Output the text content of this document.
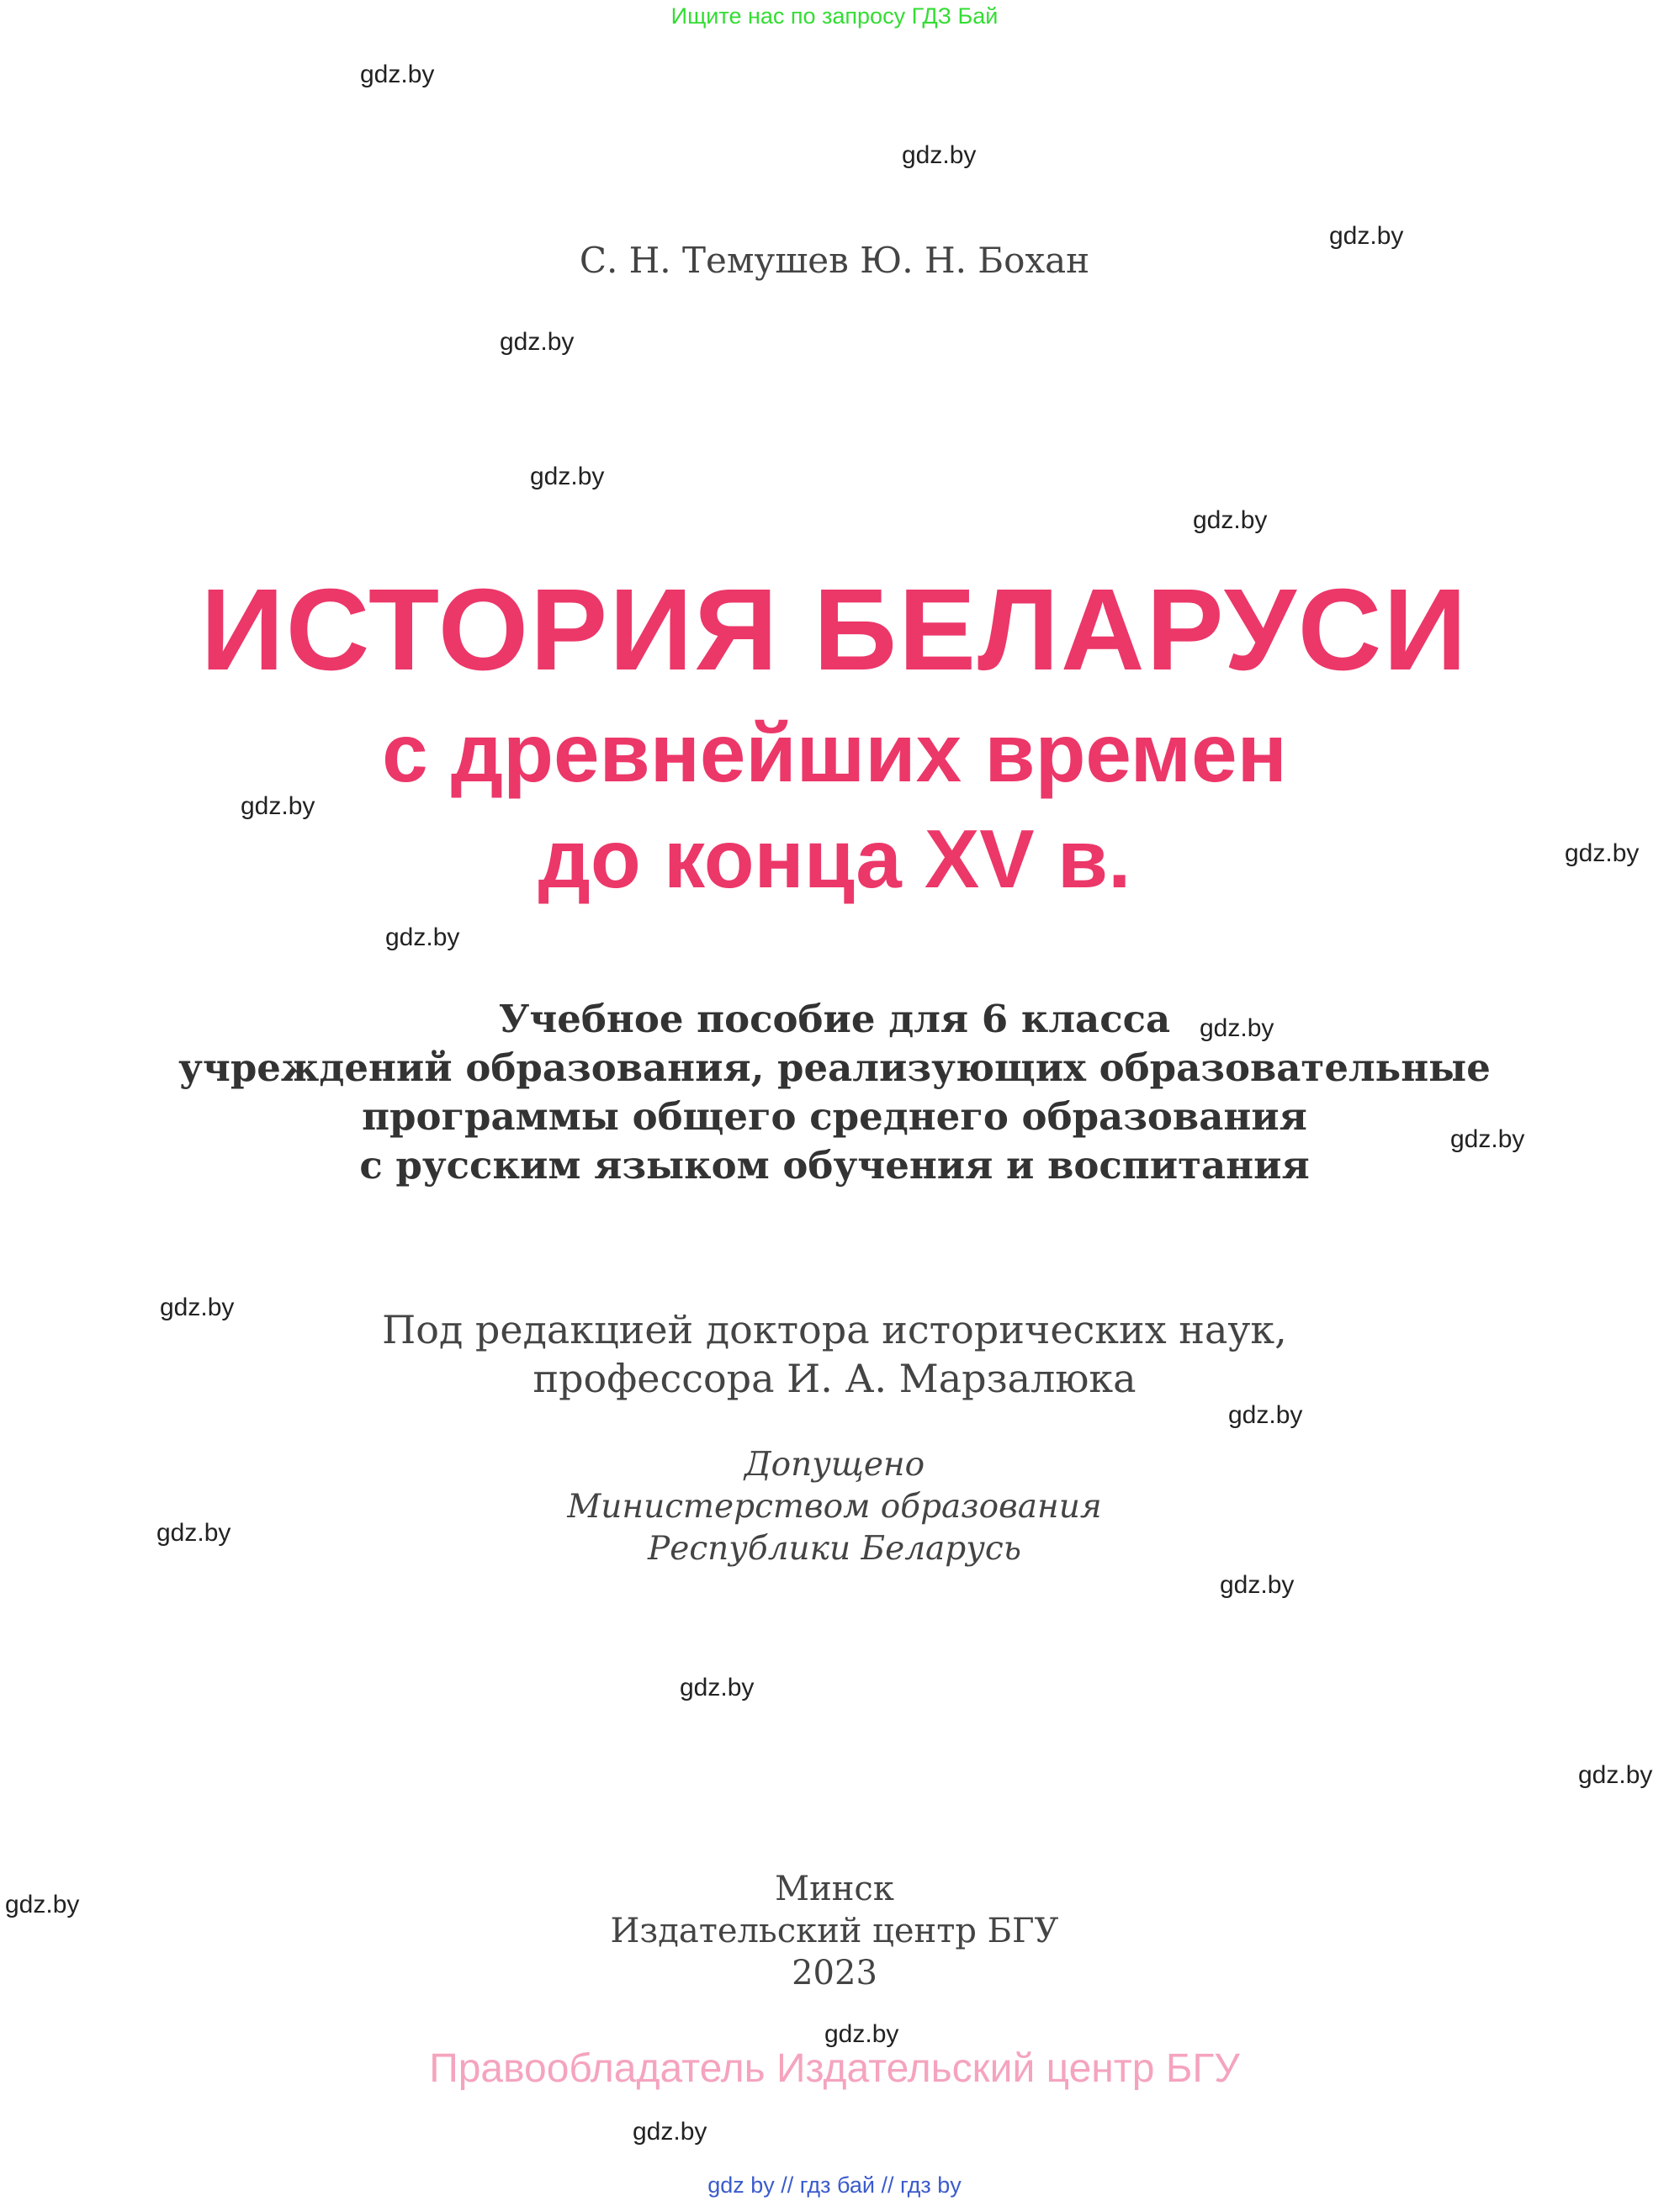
Ищите нас по запросу ГДЗ Бай
С. Н. Темушев Ю. Н. Бохан
ИСТОРИЯ БЕЛАРУСИ
с древнейших времен
до конца XV в.
Учебное пособие для 6 класса
учреждений образования, реализующих образовательные
программы общего среднего образования
с русским языком обучения и воспитания
Под редакцией доктора исторических наук,
профессора И. А. Марзалюка
Допущено
Министерством образования
Республики Беларусь
Минск
Издательский центр БГУ
2023
Правообладатель Издательский центр БГУ
gdz by // гдз бай // гдз by
gdz.by
gdz.by
gdz.by
gdz.by
gdz.by
gdz.by
gdz.by
gdz.by
gdz.by
gdz.by
gdz.by
gdz.by
gdz.by
gdz.by
gdz.by
gdz.by
gdz.by
gdz.by
gdz.by
gdz.by
